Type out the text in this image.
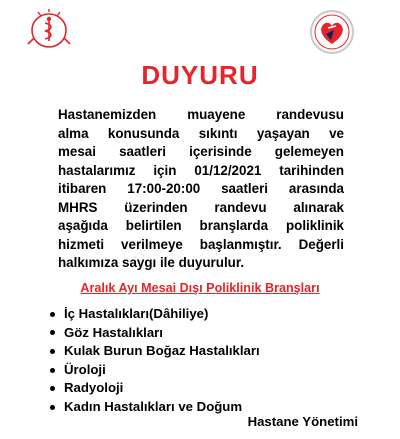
DUYURU
Hastanemizden muayene randevusu
alma konusunda sıkıntı yaşayan ve
mesai saatleri içerisinde gelemeyen
hastalarımız için 01/12/2021 tarihinden
itibaren 17:00-20:00 saatleri arasında
MHRS üzerinden randevu alınarak
aşağıda belirtilen branşlarda poliklinik
hizmeti verilmeye başlanmıştır. Değerli
halkımıza saygı ile duyurulur.
Aralık Ayı Mesai Dışı Poliklinik Branşları
İç Hastalıkları(Dâhiliye)
Göz Hastalıkları
Kulak Burun Boğaz Hastalıkları
Üroloji
Radyoloji
Kadın Hastalıkları ve Doğum
Hastane Yönetimi
